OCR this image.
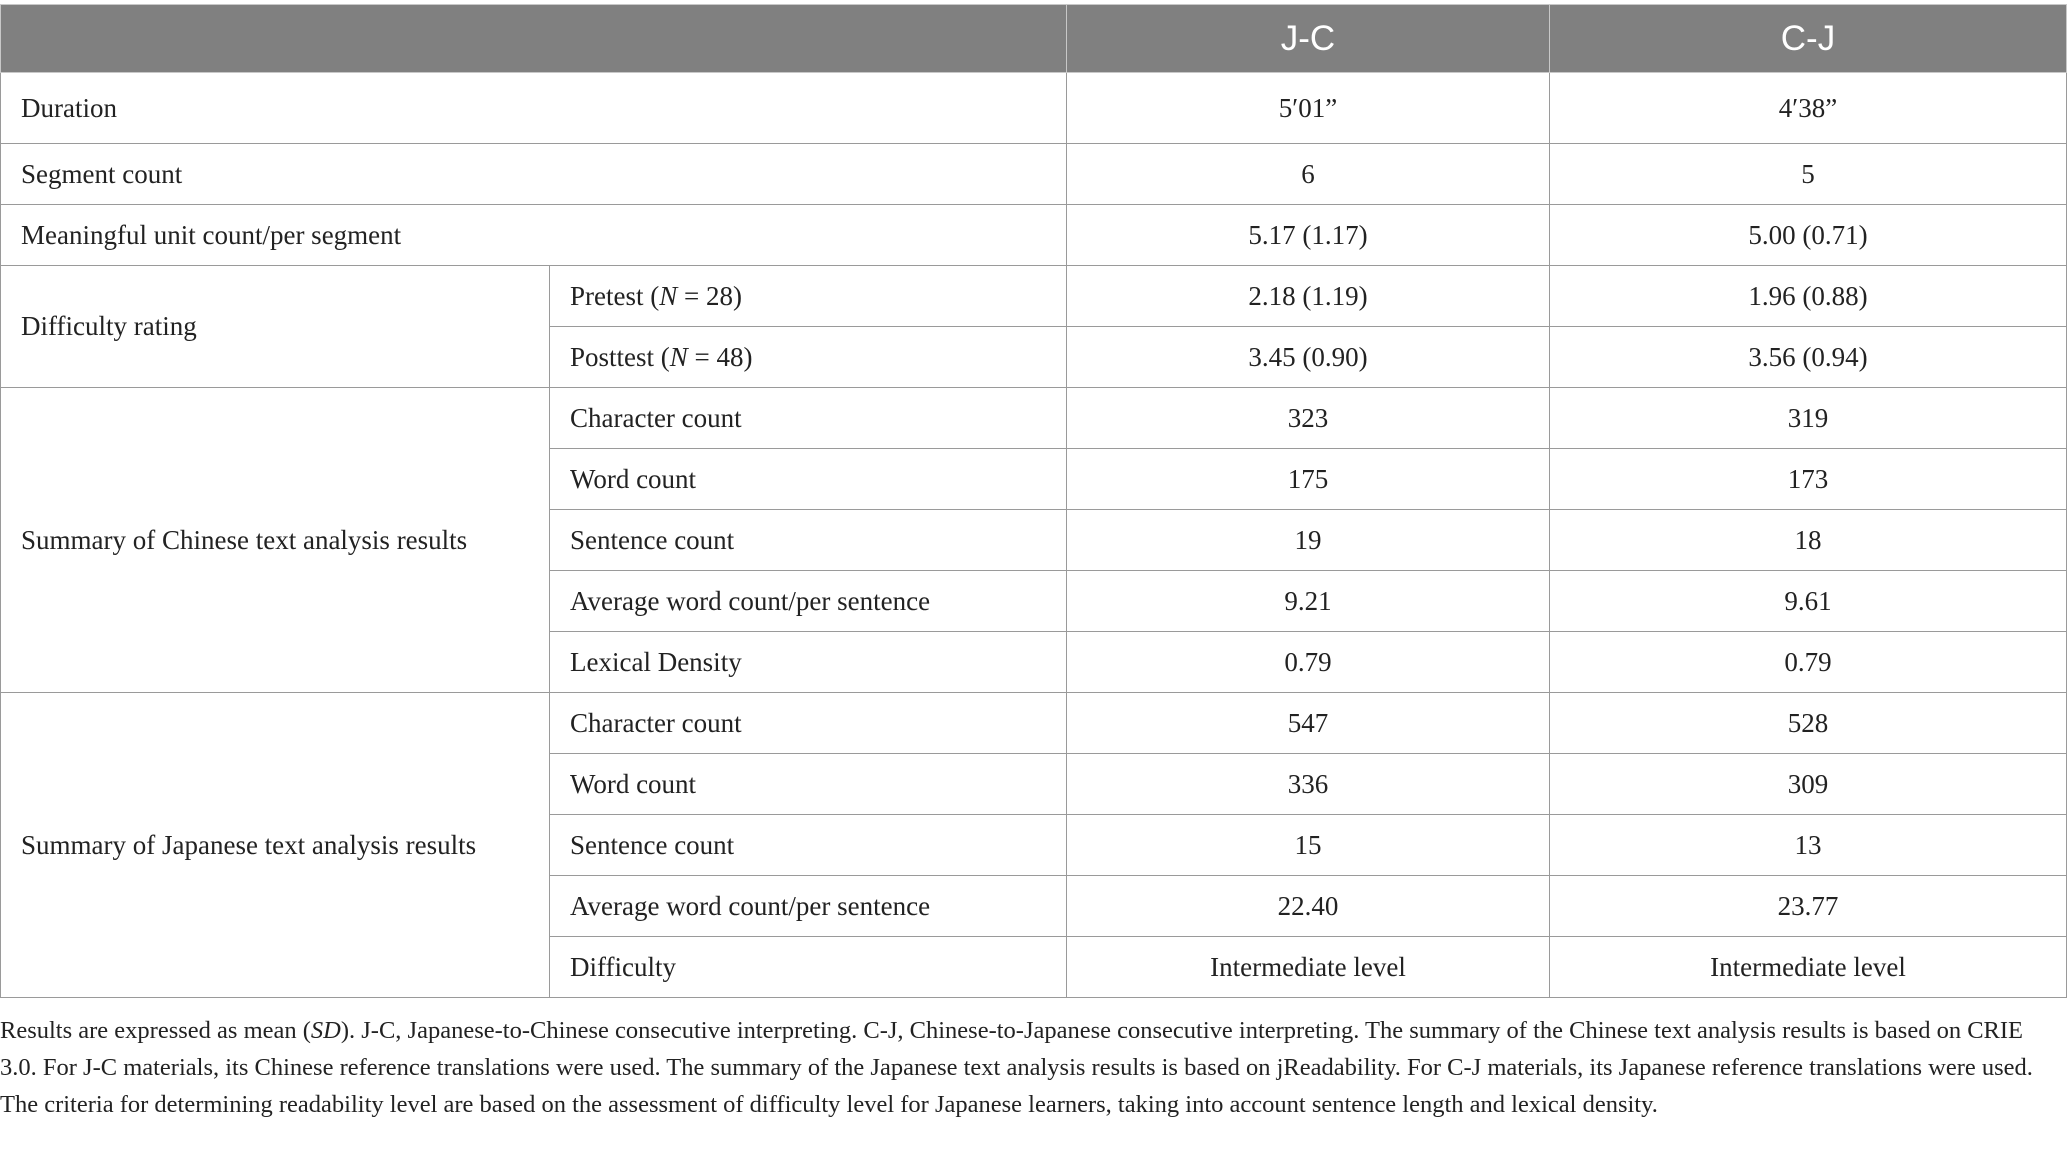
		J-C	C-J
Duration		5′01”	4′38”
Segment count		6	5
Meaningful unit count/per segment		5.17 (1.17)	5.00 (0.71)
Difficulty rating	Pretest (N = 28)	2.18 (1.19)	1.96 (0.88)
	Posttest (N = 48)	3.45 (0.90)	3.56 (0.94)
Summary of Chinese text analysis results	Character count	323	319
	Word count	175	173
	Sentence count	19	18
	Average word count/per sentence	9.21	9.61
	Lexical Density	0.79	0.79
Summary of Japanese text analysis results	Character count	547	528
	Word count	336	309
	Sentence count	15	13
	Average word count/per sentence	22.40	23.77
	Difficulty	Intermediate level	Intermediate level
Results are expressed as mean (SD). J-C, Japanese-to-Chinese consecutive interpreting. C-J, Chinese-to-Japanese consecutive interpreting. The summary of the Chinese text analysis results is based on CRIE 3.0. For J-C materials, its Chinese reference translations were used. The summary of the Japanese text analysis results is based on jReadability. For C-J materials, its Japanese reference translations were used. The criteria for determining readability level are based on the assessment of difficulty level for Japanese learners, taking into account sentence length and lexical density.
